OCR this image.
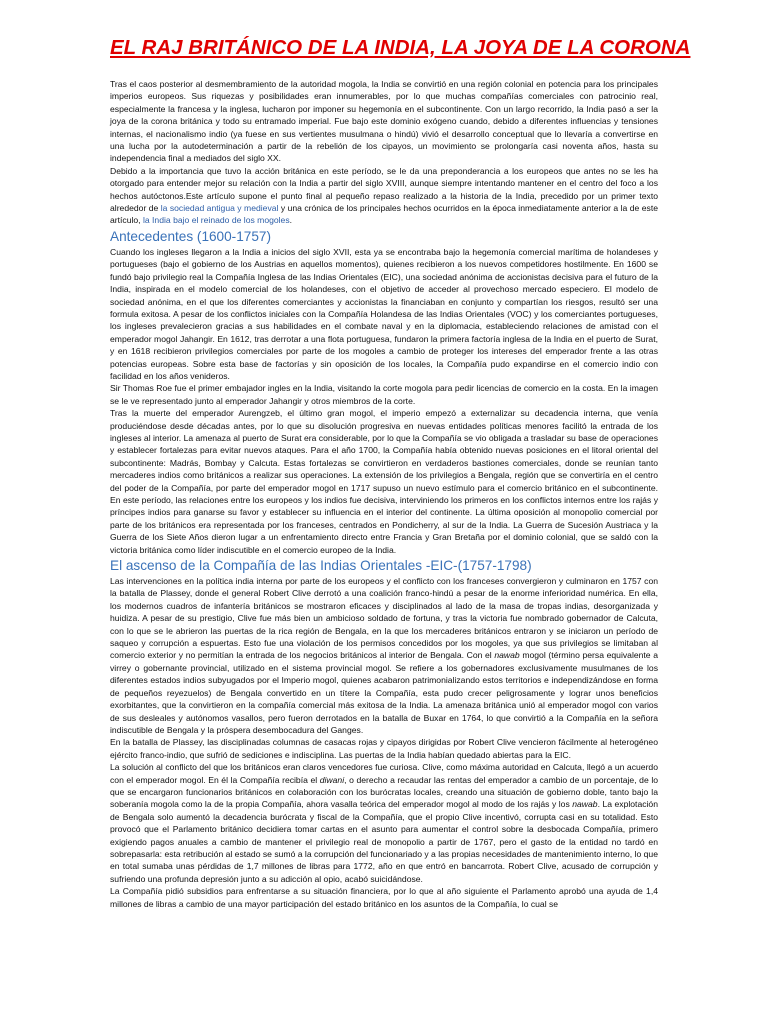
EL RAJ BRITÁNICO DE LA INDIA, LA JOYA DE LA CORONA

Tras el caos posterior al desmembramiento de la autoridad mogola, la India se convirtió en una región colonial en potencia para los principales imperios europeos. Sus riquezas y posibilidades eran innumerables, por lo que muchas compañías comerciales con patrocinio real, especialmente la francesa y la inglesa, lucharon por imponer su hegemonía en el subcontinente. Con un largo recorrido, la India pasó a ser la joya de la corona británica y todo su entramado imperial. Fue bajo este dominio exógeno cuando, debido a diferentes influencias y tensiones internas, el nacionalismo indio (ya fuese en sus vertientes musulmana o hindú) vivió el desarrollo conceptual que lo llevaría a convertirse en una lucha por la autodeterminación a partir de la rebelión de los cipayos, un movimiento se prolongaría casi noventa años, hasta su independencia final a mediados del siglo XX.

Debido a la importancia que tuvo la acción británica en este período, se le da una preponderancia a los europeos que antes no se les ha otorgado para entender mejor su relación con la India a partir del siglo XVIII, aunque siempre intentando mantener en el centro del foco a los hechos autóctonos.Este artículo supone el punto final al pequeño repaso realizado a la historia de la India, precedido por un primer texto alrededor de la sociedad antigua y medieval y una crónica de los principales hechos ocurridos en la época inmediatamente anterior a la de este artículo, la India bajo el reinado de los mogoles.

Antecedentes (1600-1757)

Cuando los ingleses llegaron a la India a inicios del siglo XVII, esta ya se encontraba bajo la hegemonía comercial marítima de holandeses y portugueses (bajo el gobierno de los Austrias en aquellos momentos), quienes recibieron a los nuevos competidores hostilmente. En 1600 se fundó bajo privilegio real la Compañía Inglesa de las Indias Orientales (EIC), una sociedad anónima de accionistas decisiva para el futuro de la India, inspirada en el modelo comercial de los holandeses, con el objetivo de acceder al provechoso mercado especiero. El modelo de sociedad anónima, en el que los diferentes comerciantes y accionistas la financiaban en conjunto y compartían los riesgos, resultó ser una formula exitosa. A pesar de los conflictos iniciales con la Compañía Holandesa de las Indias Orientales (VOC) y los comerciantes portugueses, los ingleses prevalecieron gracias a sus habilidades en el combate naval y en la diplomacia, estableciendo relaciones de amistad con el emperador mogol Jahangir. En 1612, tras derrotar a una flota portuguesa, fundaron la primera factoría inglesa de la India en el puerto de Surat, y en 1618 recibieron privilegios comerciales por parte de los mogoles a cambio de proteger los intereses del emperador frente a las otras potencias europeas. Sobre esta base de factorías y sin oposición de los locales, la Compañía pudo expandirse en el comercio indio con facilidad en los años venideros.

Sir Thomas Roe fue el primer embajador ingles en la India, visitando la corte mogola para pedir licencias de comercio en la costa. En la imagen se le ve representado junto al emperador Jahangir y otros miembros de la corte.

Tras la muerte del emperador Aurengzeb, el último gran mogol, el imperio empezó a externalizar su decadencia interna, que venía produciéndose desde décadas antes, por lo que su disolución progresiva en nuevas entidades políticas menores facilitó la entrada de los ingleses al interior. La amenaza al puerto de Surat era considerable, por lo que la Compañía se vio obligada a trasladar su base de operaciones y establecer fortalezas para evitar nuevos ataques. Para el año 1700, la Compañía había obtenido nuevas posiciones en el litoral oriental del subcontinente: Madrás, Bombay y Calcuta. Estas fortalezas se convirtieron en verdaderos bastiones comerciales, donde se reunían tanto mercaderes indios como británicos a realizar sus operaciones. La extensión de los privilegios a Bengala, región que se convertiría en el centro del poder de la Compañía, por parte del emperador mogol en 1717 supuso un nuevo estímulo para el comercio británico en el subcontinente. En este período, las relaciones entre los europeos y los indios fue decisiva, interviniendo los primeros en los conflictos internos entre los rajás y príncipes indios para ganarse su favor y establecer su influencia en el interior del continente. La última oposición al monopolio comercial por parte de los británicos era representada por los franceses, centrados en Pondicherry, al sur de la India. La Guerra de Sucesión Austriaca y la Guerra de los Siete Años dieron lugar a un enfrentamiento directo entre Francia y Gran Bretaña por el dominio colonial, que se saldó con la victoria británica como líder indiscutible en el comercio europeo de la India.

El ascenso de la Compañía de las Indias Orientales -EIC-(1757-1798)

Las intervenciones en la política india interna por parte de los europeos y el conflicto con los franceses convergieron y culminaron en 1757 con la batalla de Plassey, donde el general Robert Clive derrotó a una coalición franco-hindú a pesar de la enorme inferioridad numérica. En ella, los modernos cuadros de infantería británicos se mostraron eficaces y disciplinados al lado de la masa de tropas indias, desorganizada y huidiza. A pesar de su prestigio, Clive fue más bien un ambicioso soldado de fortuna, y tras la victoria fue nombrado gobernador de Calcuta, con lo que se le abrieron las puertas de la rica región de Bengala, en la que los mercaderes británicos entraron y se iniciaron un período de saqueo y corrupción a espuertas. Esto fue una violación de los permisos concedidos por los mogoles, ya que sus privilegios se limitaban al comercio exterior y no permitían la entrada de los negocios británicos al interior de Bengala. Con el nawab mogol (término persa equivalente a virrey o gobernante provincial, utilizado en el sistema provincial mogol. Se refiere a los gobernadores exclusivamente musulmanes de los diferentes estados indios subyugados por el Imperio mogol, quienes acabaron patrimonializando estos territorios e independizándose en forma de pequeños reyezuelos) de Bengala convertido en un títere la Compañía, esta pudo crecer peligrosamente y lograr unos beneficios exorbitantes, que la convirtieron en la compañía comercial más exitosa de la India. La amenaza británica unió al emperador mogol con varios de sus desleales y autónomos vasallos, pero fueron derrotados en la batalla de Buxar en 1764, lo que convirtió a la Compañía en la señora indiscutible de Bengala y la próspera desembocadura del Ganges.

En la batalla de Plassey, las disciplinadas columnas de casacas rojas y cipayos dirigidas por Robert Clive vencieron fácilmente al heterogéneo ejército franco-indio, que sufrió de sediciones e indisciplina. Las puertas de la India habían quedado abiertas para la EIC.

La solución al conflicto del que los británicos eran claros vencedores fue curiosa. Clive, como máxima autoridad en Calcuta, llegó a un acuerdo con el emperador mogol. En él la Compañía recibía el diwani, o derecho a recaudar las rentas del emperador a cambio de un porcentaje, de lo que se encargaron funcionarios británicos en colaboración con los burócratas locales, creando una situación de gobierno doble, tanto bajo la soberanía mogola como la de la propia Compañía, ahora vasalla teórica del emperador mogol al modo de los rajás y los nawab. La explotación de Bengala solo aumentó la decadencia burócrata y fiscal de la Compañía, que el propio Clive incentivó, corrupta casi en su totalidad. Esto provocó que el Parlamento británico decidiera tomar cartas en el asunto para aumentar el control sobre la desbocada Compañía, primero exigiendo pagos anuales a cambio de mantener el privilegio real de monopolio a partir de 1767, pero el gasto de la entidad no tardó en sobrepasarla: esta retribución al estado se sumó a la corrupción del funcionariado y a las propias necesidades de mantenimiento interno, lo que en total sumaba unas pérdidas de 1,7 millones de libras para 1772, año en que entró en bancarrota. Robert Clive, acusado de corrupción y sufriendo una profunda depresión junto a su adicción al opio, acabó suicidándose.

La Compañía pidió subsidios para enfrentarse a su situación financiera, por lo que al año siguiente el Parlamento aprobó una ayuda de 1,4 millones de libras a cambio de una mayor participación del estado británico en los asuntos de la Compañía, lo cual se
